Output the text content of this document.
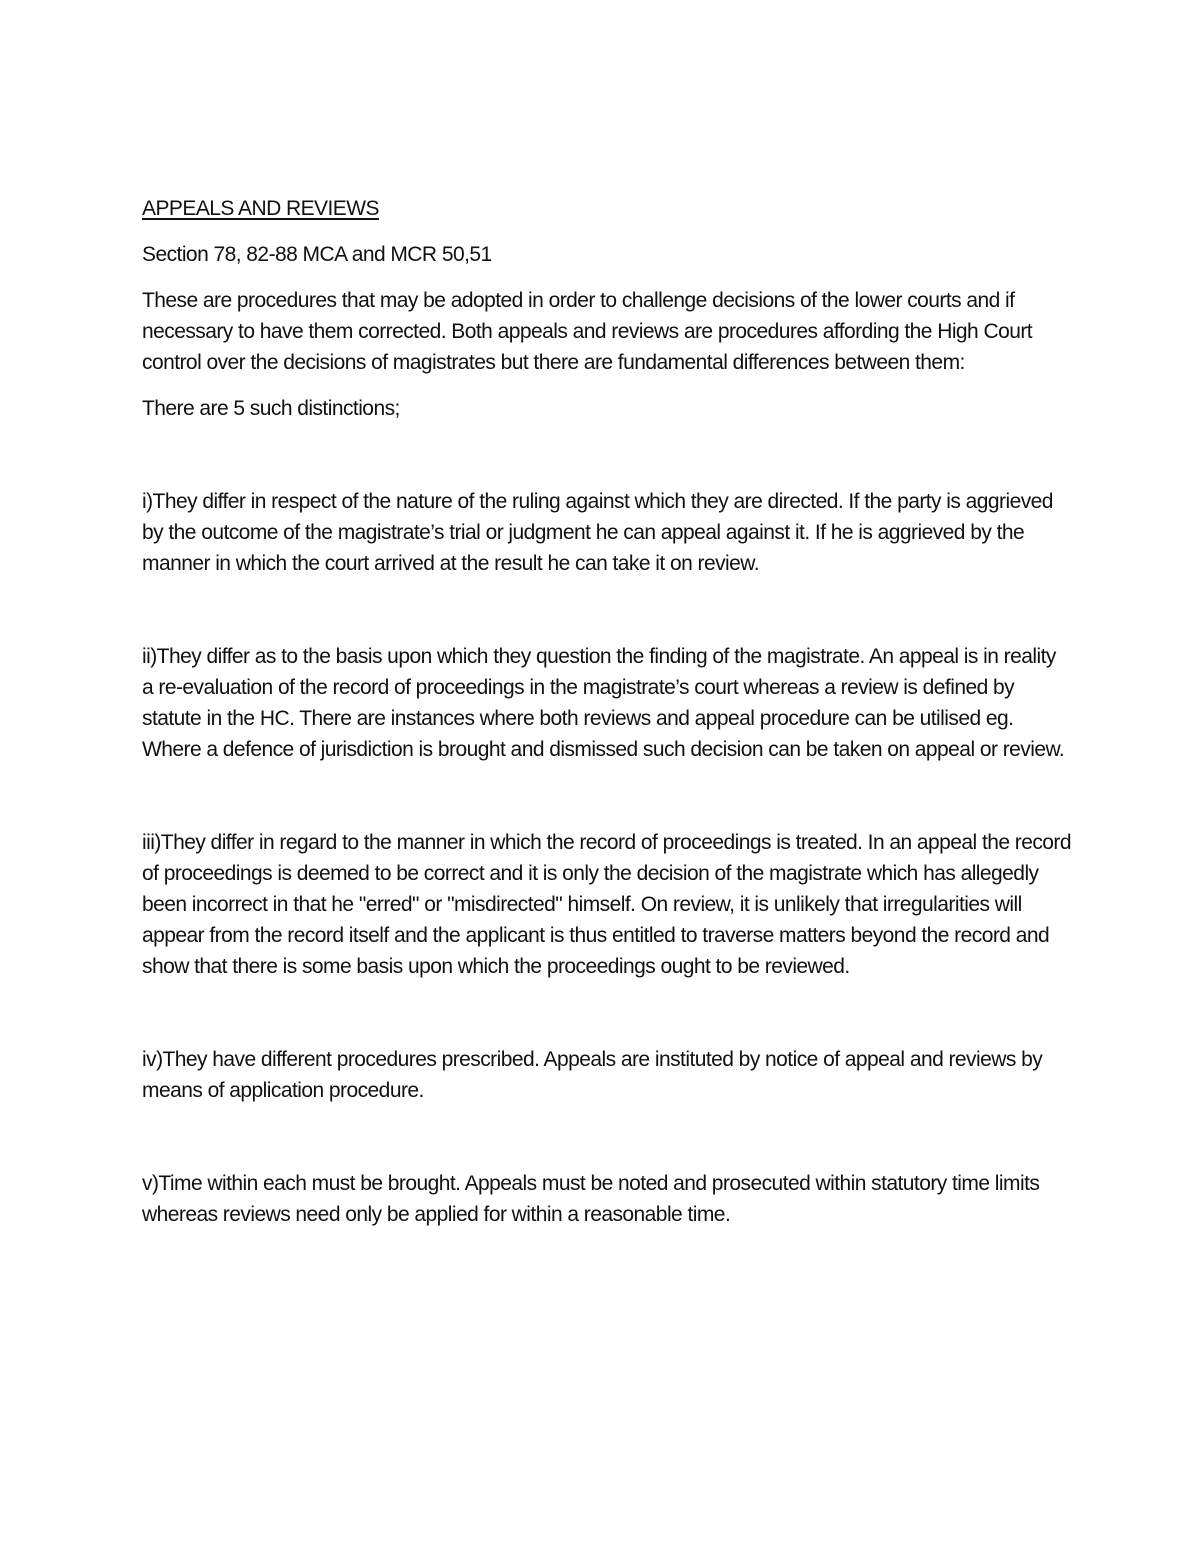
APPEALS AND REVIEWS

Section 78, 82-88 MCA and MCR 50,51

These are procedures that may be adopted in order to challenge decisions of the lower courts and if necessary to have them corrected. Both appeals and reviews are procedures affording the High Court control over the decisions of magistrates but there are fundamental differences between them:

There are 5 such distinctions;

i)They differ in respect of the nature of the ruling against which they are directed. If the party is aggrieved by the outcome of the magistrate’s trial or judgment he can appeal against it. If he is aggrieved by the manner in which the court arrived at the result he can take it on review.

ii)They differ as to the basis upon which they question the finding of the magistrate. An appeal is in reality a re-evaluation of the record of proceedings in the magistrate’s court whereas a review is defined by statute in the HC. There are instances where both reviews and appeal procedure can be utilised eg. Where a defence of jurisdiction is brought and dismissed such decision can be taken on appeal or review.

iii)They differ in regard to the manner in which the record of proceedings is treated. In an appeal the record of proceedings is deemed to be correct and it is only the decision of the magistrate which has allegedly been incorrect in that he "erred" or "misdirected" himself. On review, it is unlikely that irregularities will appear from the record itself and the applicant is thus entitled to traverse matters beyond the record and show that there is some basis upon which the proceedings ought to be reviewed.

iv)They have different procedures prescribed. Appeals are instituted by notice of appeal and reviews by means of application procedure.

v)Time within each must be brought. Appeals must be noted and prosecuted within statutory time limits whereas reviews need only be applied for within a reasonable time.
